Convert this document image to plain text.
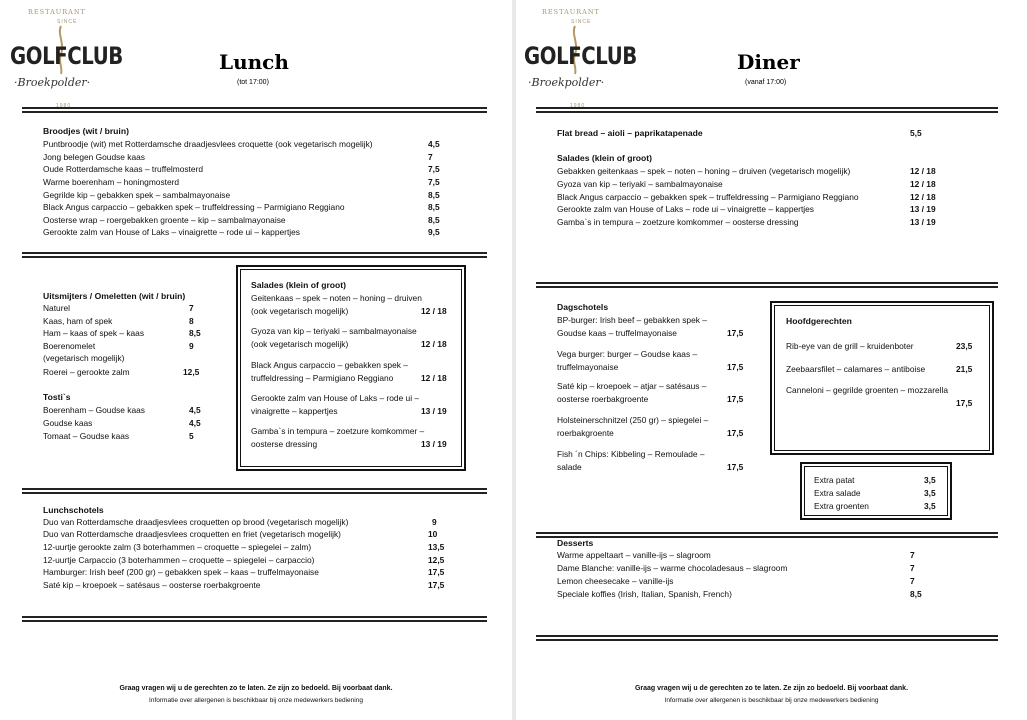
RESTAURANT
SINCE
GOLFCLUB
·Broekpolder·
1980
Lunch
(tot 17:00)
Broodjes (wit / bruin)
Puntbroodje (wit) met Rotterdamsche draadjesvlees croquette (ook vegetarisch mogelijk)	4,5
Jong belegen Goudse kaas	7
Oude Rotterdamsche kaas – truffelmosterd	7,5
Warme boerenham – honingmosterd	7,5
Gegrilde kip – gebakken spek – sambalmayonaise	8,5
Black Angus carpaccio – gebakken spek – truffeldressing – Parmigiano Reggiano	8,5
Oosterse wrap – roergebakken groente – kip – sambalmayonaise	8,5
Gerookte zalm van House of Laks – vinaigrette – rode ui – kappertjes	9,5
Uitsmijters / Omeletten (wit / bruin)
Naturel	7
Kaas, ham of spek	8
Ham – kaas of spek – kaas	8,5
Boerenomelet	9
(vegetarisch mogelijk)
Roerei – gerookte zalm	12,5
Tosti`s
Boerenham – Goudse kaas	4,5
Goudse kaas	4,5
Tomaat – Goudse kaas	5
Salades (klein of groot)
Geitenkaas – spek – noten – honing – druiven
(ook vegetarisch mogelijk)	12 / 18
Gyoza van kip – teriyaki – sambalmayonaise
(ook vegetarisch mogelijk)	12 / 18
Black Angus carpaccio – gebakken spek –
truffeldressing – Parmigiano Reggiano	12 / 18
Gerookte zalm van House of Laks – rode ui –
vinaigrette – kappertjes	13 / 19
Gamba`s in tempura – zoetzure komkommer –
oosterse dressing	13 / 19
Lunchschotels
Duo van Rotterdamsche draadjesvlees croquetten op brood (vegetarisch mogelijk)	9
Duo van Rotterdamsche draadjesvlees croquetten en friet (vegetarisch mogelijk)	10
12-uurtje gerookte zalm (3 boterhammen – croquette – spiegelei – zalm)	13,5
12-uurtje Carpaccio (3 boterhammen – croquette – spiegelei – carpaccio)	12,5
Hamburger: Irish beef (200 gr) – gebakken spek – kaas – truffelmayonaise	17,5
Saté kip – kroepoek – satésaus – oosterse roerbakgroente	17,5
Graag vragen wij u de gerechten zo te laten. Ze zijn zo bedoeld. Bij voorbaat dank.
Informatie over allergenen is beschikbaar bij onze medewerkers bediening
RESTAURANT
SINCE
GOLFCLUB
·Broekpolder·
1980
Diner
(vanaf 17:00)
Flat bread – aioli – paprikatapenade	5,5
Salades (klein of groot)
Gebakken geitenkaas – spek – noten – honing – druiven (vegetarisch mogelijk)	12 / 18
Gyoza van kip – teriyaki – sambalmayonaise	12 / 18
Black Angus carpaccio – gebakken spek – truffeldressing – Parmigiano Reggiano	12 / 18
Gerookte zalm van House of Laks – rode ui – vinaigrette – kappertjes	13 / 19
Gamba`s in tempura – zoetzure komkommer – oosterse dressing	13 / 19
Dagschotels
BP-burger: Irish beef – gebakken spek –
Goudse kaas – truffelmayonaise	17,5
Vega burger: burger – Goudse kaas –
truffelmayonaise	17,5
Saté kip – kroepoek – atjar – satésaus –
oosterse roerbakgroente	17,5
Holsteinerschnitzel (250 gr) – spiegelei –
roerbakgroente	17,5
Fish ´n Chips: Kibbeling – Remoulade –
salade	17,5
Hoofdgerechten
Rib-eye van de grill – kruidenboter	23,5
Zeebaarsfilet – calamares – antiboise	21,5
Canneloni – gegrilde groenten – mozzarella
17,5
Extra patat	3,5
Extra salade	3,5
Extra groenten	3,5
Desserts
Warme appeltaart – vanille-ijs – slagroom	7
Dame Blanche: vanille-ijs – warme chocoladesaus – slagroom	7
Lemon cheesecake – vanille-ijs	7
Speciale koffies (Irish, Italian, Spanish, French)	8,5
Graag vragen wij u de gerechten zo te laten. Ze zijn zo bedoeld. Bij voorbaat dank.
Informatie over allergenen is beschikbaar bij onze medewerkers bediening
